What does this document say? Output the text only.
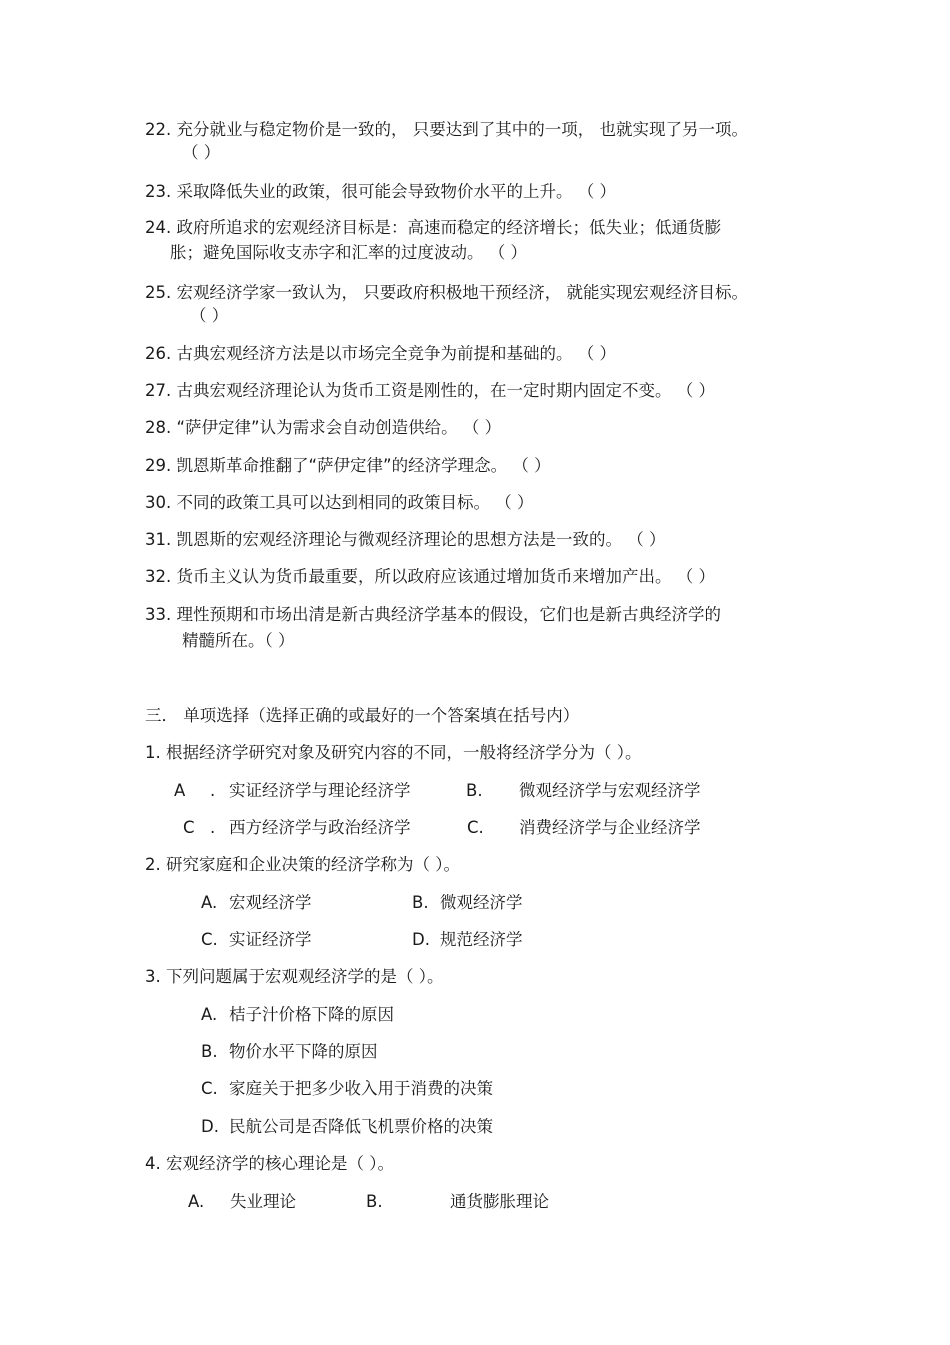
22. 充分就业与稳定物价是一致的， 只要达到了其中的一项， 也就实现了另一项。
（ ）
23. 采取降低失业的政策，很可能会导致物价水平的上升。 （ ）
24. 政府所追求的宏观经济目标是：高速而稳定的经济增长；低失业；低通货膨
胀；避免国际收支赤字和汇率的过度波动。 （ ）
25. 宏观经济学家一致认为， 只要政府积极地干预经济， 就能实现宏观经济目标。
（ ）
26. 古典宏观经济方法是以市场完全竞争为前提和基础的。 （ ）
27. 古典宏观经济理论认为货币工资是刚性的，在一定时期内固定不变。 （ ）
28. “萨伊定律”认为需求会自动创造供给。 （ ）
29. 凯恩斯革命推翻了“萨伊定律”的经济学理念。 （ ）
30. 不同的政策工具可以达到相同的政策目标。 （ ）
31. 凯恩斯的宏观经济理论与微观经济理论的思想方法是一致的。 （ ）
32. 货币主义认为货币最重要，所以政府应该通过增加货币来增加产出。 （ ）
33. 理性预期和市场出清是新古典经济学基本的假设，它们也是新古典经济学的
精髓所在。（ ）
三． 单项选择（选择正确的或最好的一个答案填在括号内）
1. 根据经济学研究对象及研究内容的不同，一般将经济学分为（ ）。
A . 实证经济学与理论经济学	B. 微观经济学与宏观经济学
C . 西方经济学与政治经济学	C. 消费经济学与企业经济学
2. 研究家庭和企业决策的经济学称为（ ）。
A. 宏观经济学	B. 微观经济学
C. 实证经济学	D. 规范经济学
3. 下列问题属于宏观观经济学的是（ ）。
A. 桔子汁价格下降的原因
B. 物价水平下降的原因
C. 家庭关于把多少收入用于消费的决策
D. 民航公司是否降低飞机票价格的决策
4. 宏观经济学的核心理论是（ ）。
A. 失业理论	B.	通货膨胀理论
